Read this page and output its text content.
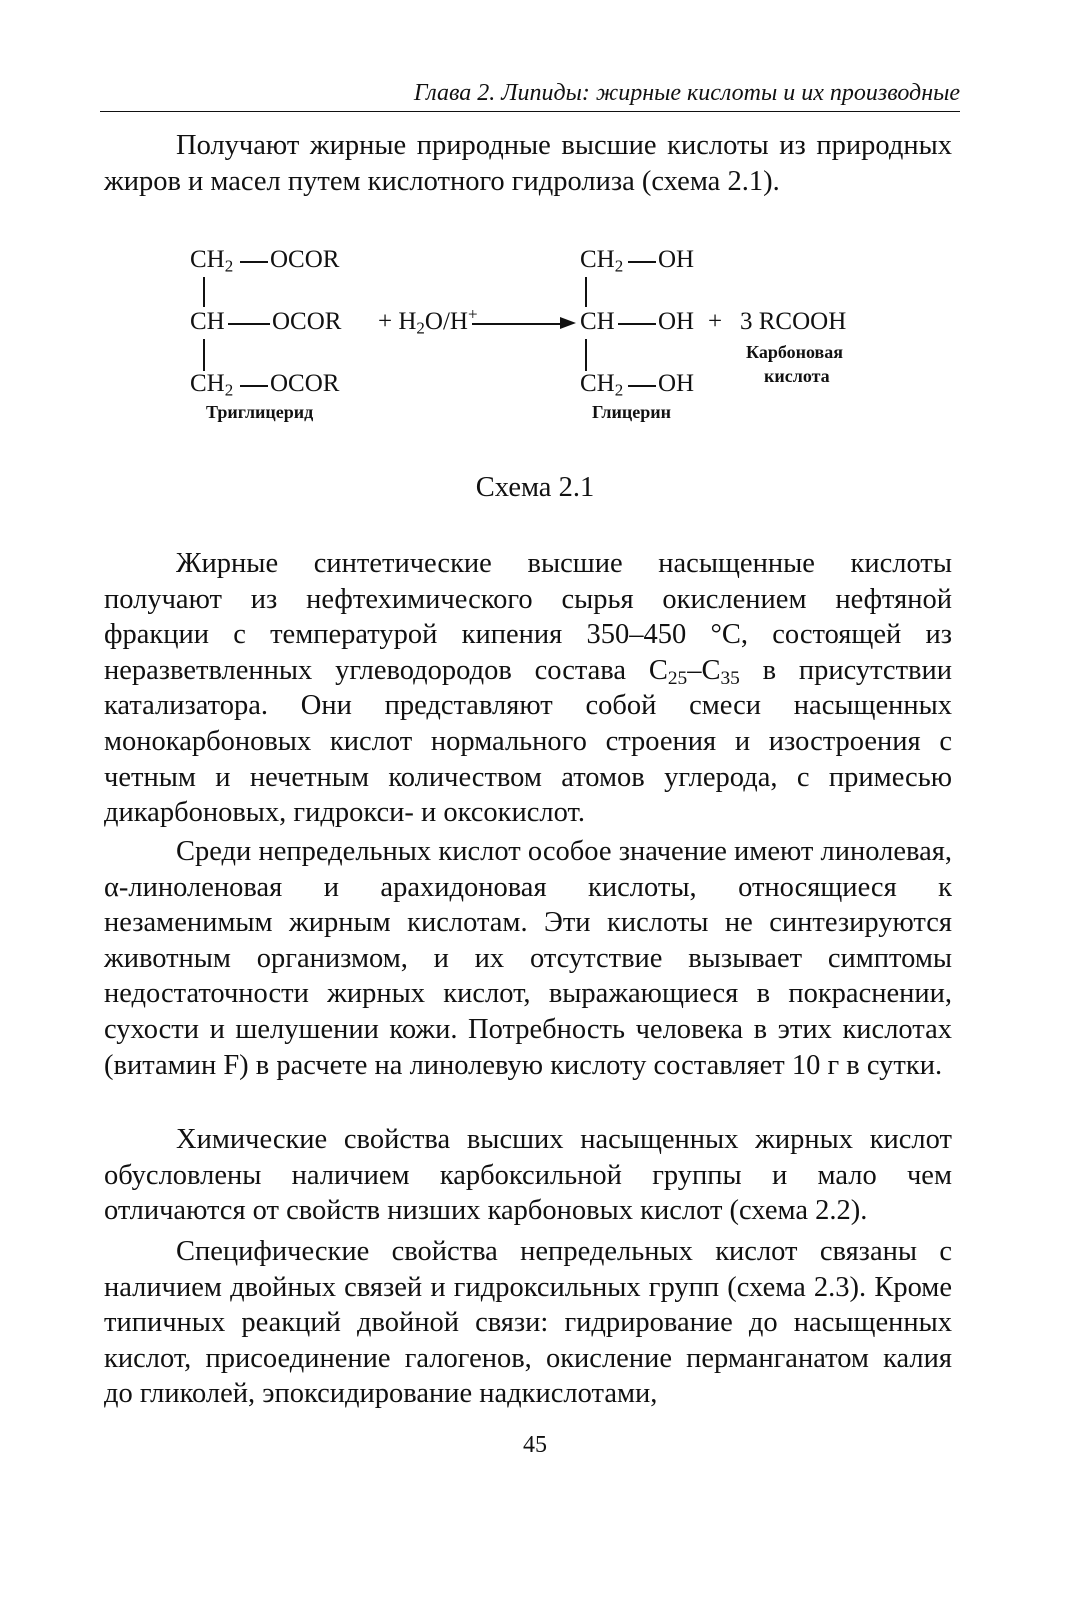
Глава 2. Липиды: жирные кислоты и их производные

Получают жирные природные высшие кислоты из природных жиров и масел путем кислотного гидролиза (схема 2.1).

$CH_2$ OCOR
CH OCOR + $H_2O/H^+$
$CH_2$ OCOR
Триглицерид
$CH_2$ OH
CH OH + 3 RCOOH
Карбоновая
кислота
$CH_2$ OH
Глицерин
Схема 2.1

Жирные синтетические высшие насыщенные кислоты получают из нефтехимического сырья окислением нефтяной фракции с температурой кипения 350–450 °С, состоящей из неразветвленных углеводородов состава $С_{25}-С_{35}$ в присутствии катализатора. Они представляют собой смеси насыщенных монокарбоновых кислот нормального строения и изостроения с четным и нечетным количеством атомов углерода, с примесью дикарбоновых, гидрокси- и оксокислот.

Среди непредельных кислот особое значение имеют линолевая, α-линоленовая и арахидоновая кислоты, относящиеся к незаменимым жирным кислотам. Эти кислоты не синтезируются животным организмом, и их отсутствие вызывает симптомы недостаточности жирных кислот, выражающиеся в покраснении, сухости и шелушении кожи. Потребность человека в этих кислотах (витамин F) в расчете на линолевую кислоту составляет 10 г в сутки.

Химические свойства высших насыщенных жирных кислот обусловлены наличием карбоксильной группы и мало чем отличаются от свойств низших карбоновых кислот (схема 2.2).

Специфические свойства непредельных кислот связаны с наличием двойных связей и гидроксильных групп (схема 2.3). Кроме типичных реакций двойной связи: гидрирование до насыщенных кислот, присоединение галогенов, окисление перманганатом калия до гликолей, эпоксидирование надкислотами,

45
